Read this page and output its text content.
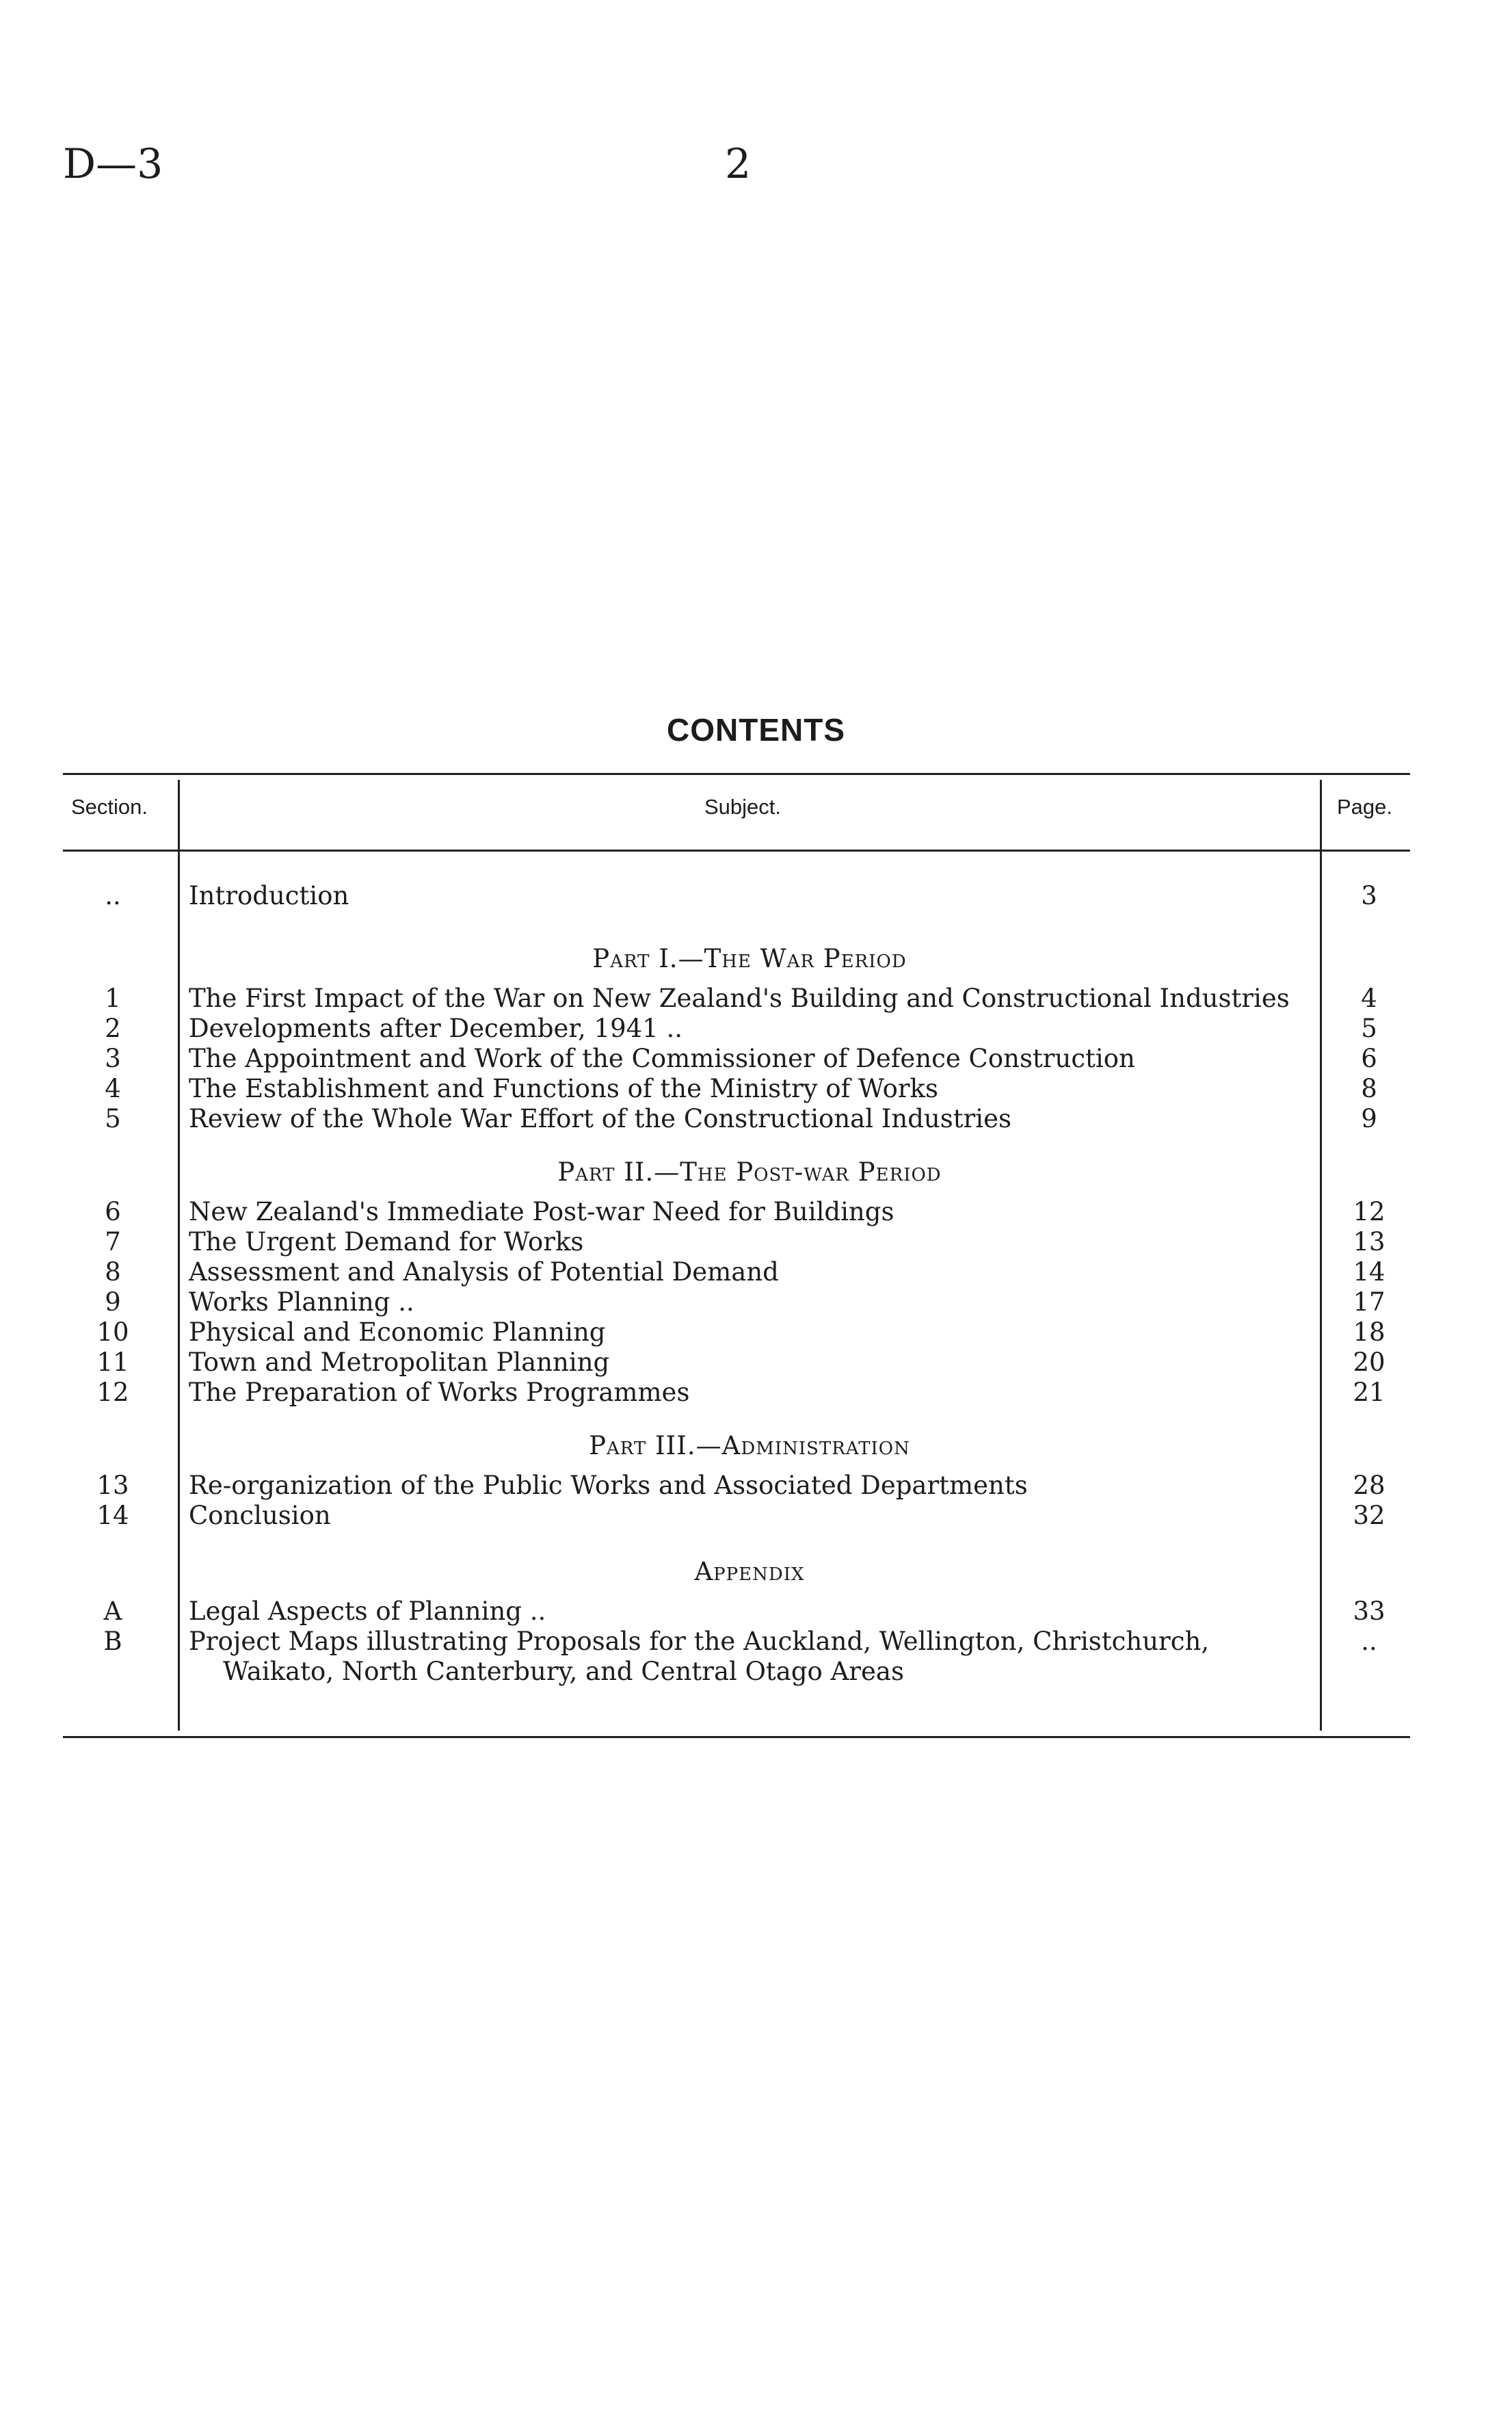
D—3	2
CONTENTS
Section.	Subject.	Page.
..	Introduction	3
Part I.—The War Period
1	The First Impact of the War on New Zealand's Building and Constructional Industries	4
2	Developments after December, 1941 ..	5
3	The Appointment and Work of the Commissioner of Defence Construction	6
4	The Establishment and Functions of the Ministry of Works	8
5	Review of the Whole War Effort of the Constructional Industries	9
Part II.—The Post-war Period
6	New Zealand's Immediate Post-war Need for Buildings	12
7	The Urgent Demand for Works	13
8	Assessment and Analysis of Potential Demand	14
9	Works Planning ..	17
10	Physical and Economic Planning	18
11	Town and Metropolitan Planning	20
12	The Preparation of Works Programmes	21
Part III.—Administration
13	Re-organization of the Public Works and Associated Departments	28
14	Conclusion	32
Appendix
A	Legal Aspects of Planning ..	33
B	Project Maps illustrating Proposals for the Auckland, Wellington, Christchurch,	..
Waikato, North Canterbury, and Central Otago Areas
